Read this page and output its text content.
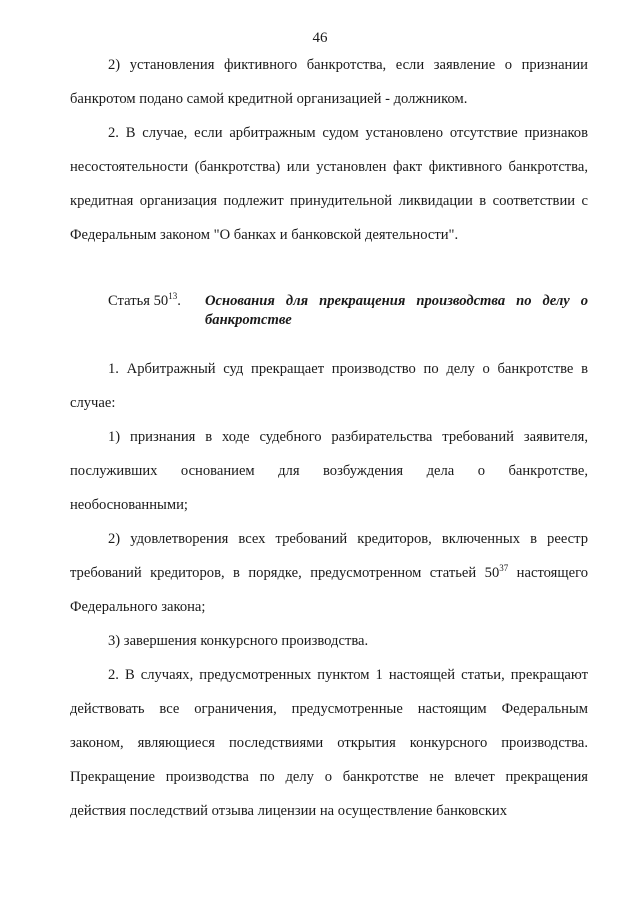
46

2) установления фиктивного банкротства, если заявление о признании банкротом подано самой кредитной организацией - должником.

2. В случае, если арбитражным судом установлено отсутствие признаков несостоятельности (банкротства) или установлен факт фиктивного банкротства, кредитная организация подлежит принудительной ликвидации в соответствии с Федеральным законом "О банках и банковской деятельности".

Статья $50^{13}$.	Основания для прекращения производства по делу о банкротстве

1. Арбитражный суд прекращает производство по делу о банкротстве в случае:

1) признания в ходе судебного разбирательства требований заявителя, послуживших основанием для возбуждения дела о банкротстве, необоснованными;

2) удовлетворения всех требований кредиторов, включенных в реестр требований кредиторов, в порядке, предусмотренном статьей $50^{37}$ настоящего Федерального закона;

3) завершения конкурсного производства.

2. В случаях, предусмотренных пунктом 1 настоящей статьи, прекращают действовать все ограничения, предусмотренные настоящим Федеральным законом, являющиеся последствиями открытия конкурсного производства. Прекращение производства по делу о банкротстве не влечет прекращения действия последствий отзыва лицензии на осуществление банковских
